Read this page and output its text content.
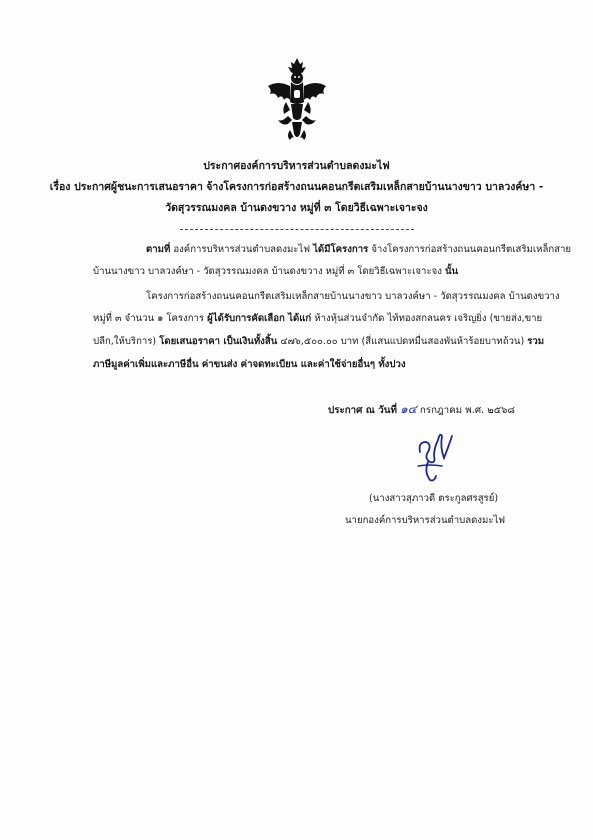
ประกาศองค์การบริหารส่วนตำบลดงมะไฟ
เรื่อง ประกาศผู้ชนะการเสนอราคา จ้างโครงการก่อสร้างถนนคอนกรีตเสริมเหล็กสายบ้านนางขาว บาลวงค์ษา -
วัดสุวรรณมงคล บ้านดงขวาง หมู่ที่ ๓ โดยวิธีเฉพาะเจาะจง
ตามที่ องค์การบริหารส่วนตำบลดงมะไฟ ได้มีโครงการ จ้างโครงการก่อสร้างถนนคอนกรีตเสริมเหล็กสาย
บ้านนางขาว บาลวงค์ษา - วัดสุวรรณมงคล บ้านดงขวาง หมู่ที่ ๓ โดยวิธีเฉพาะเจาะจง นั้น
โครงการก่อสร้างถนนคอนกรีตเสริมเหล็กสายบ้านนางขาว บาลวงค์ษา - วัดสุวรรณมงคล บ้านดงขวาง
หมู่ที่ ๓ จำนวน ๑ โครงการ ผู้ได้รับการคัดเลือก ได้แก่ ห้างหุ้นส่วนจำกัด ไท้ทองสกลนคร เจริญยิ่ง (ขายส่ง,ขาย
ปลีก,ให้บริการ) โดยเสนอราคา เป็นเงินทั้งสิ้น ๔๗๖,๕๐๐.๐๐ บาท (สี่แสนแปดหมื่นสองพันห้าร้อยบาทถ้วน) รวม
ภาษีมูลค่าเพิ่มและภาษีอื่น ค่าขนส่ง ค่าจดทะเบียน และค่าใช้จ่ายอื่นๆ ทั้งปวง
ประกาศ ณ วันที่ ๑๔ กรกฎาคม พ.ศ. ๒๕๖๘
(นางสาวสุภาวดี ตระกูลศรสูรย์)
นายกองค์การบริหารส่วนตำบลดงมะไฟ
